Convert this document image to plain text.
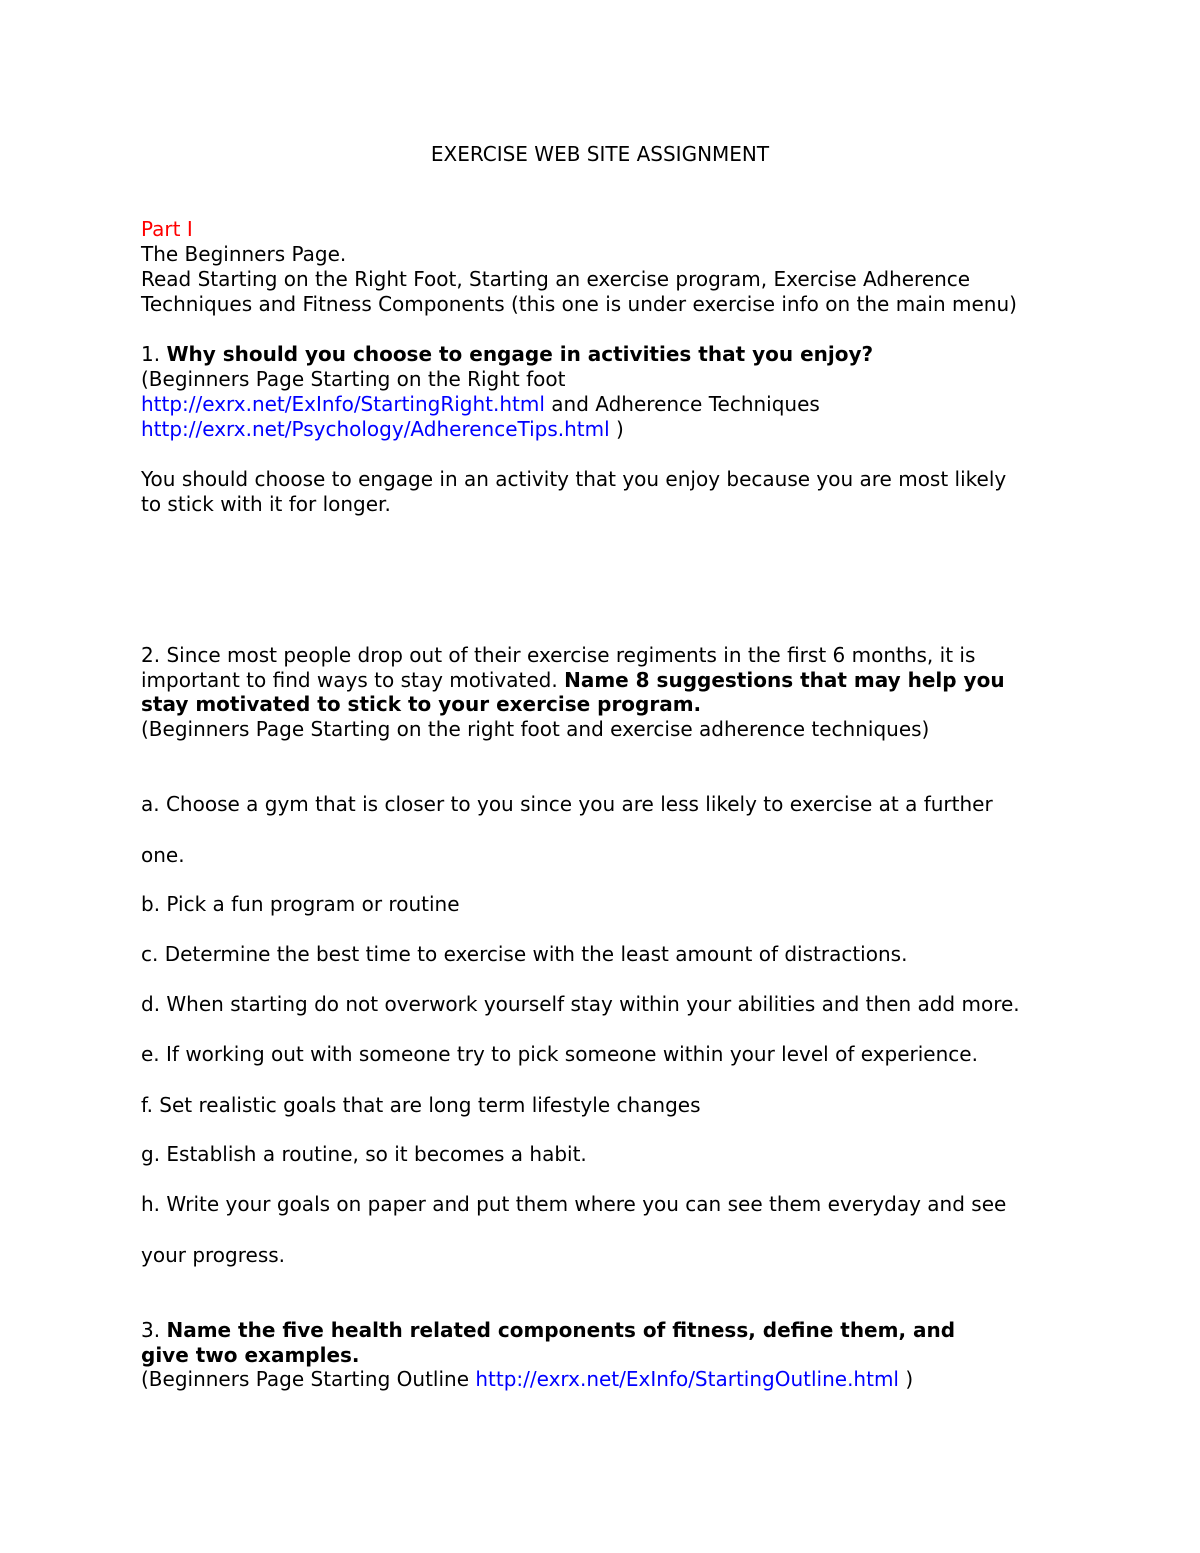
EXERCISE WEB SITE ASSIGNMENT
Part I
The Beginners Page.
Read Starting on the Right Foot, Starting an exercise program, Exercise Adherence
Techniques and Fitness Components (this one is under exercise info on the main menu)
1. Why should you choose to engage in activities that you enjoy?
(Beginners Page Starting on the Right foot
http://exrx.net/ExInfo/StartingRight.html and Adherence Techniques
http://exrx.net/Psychology/AdherenceTips.html )
You should choose to engage in an activity that you enjoy because you are most likely
to stick with it for longer.
2. Since most people drop out of their exercise regiments in the first 6 months, it is
important to find ways to stay motivated. Name 8 suggestions that may help you
stay motivated to stick to your exercise program.
(Beginners Page Starting on the right foot and exercise adherence techniques)
a. Choose a gym that is closer to you since you are less likely to exercise at a further
one.
b. Pick a fun program or routine
c. Determine the best time to exercise with the least amount of distractions.
d. When starting do not overwork yourself stay within your abilities and then add more.
e. If working out with someone try to pick someone within your level of experience.
f. Set realistic goals that are long term lifestyle changes
g. Establish a routine, so it becomes a habit.
h. Write your goals on paper and put them where you can see them everyday and see
your progress.
3. Name the five health related components of fitness, define them, and
give two examples.
(Beginners Page Starting Outline http://exrx.net/ExInfo/StartingOutline.html )
